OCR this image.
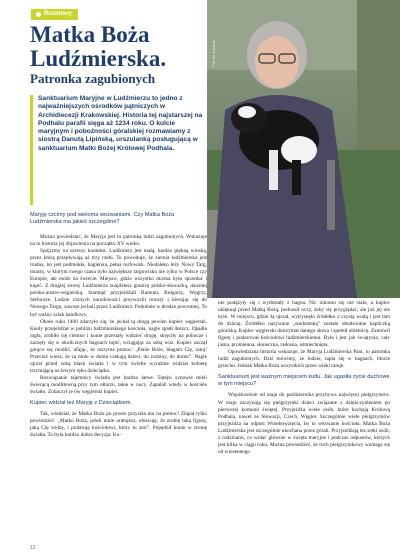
Rozmowy
Matka Boża Ludźmierska.
Patronka zagubionych

Sanktuarium Maryjne w Ludźmierzu to jedno z najważniejszych ośrodków pątniczych w Archidiecezji Krakowskiej. Historia tej najstarszej na Podhalu parafii sięga aż 1234 roku. O kulcie maryjnym i pobożności góralskiej rozmawiamy z siostrą Danutą Lipińską, urszulanką posługującą w sanktuarium Matki Bożej Królowej Podhala.

Fot. M. Łabędź

Maryję czcimy pod wieloma wezwaniami. Czy Matka Boża Ludźmierska ma jakieś szczególne?

Można powiedzieć, że Maryja jest tu patronką ludzi zagubionych. Wskazuje na to historia jej objawienia na początku XV wieku.

Spójrzmy na szerszy kontekst. Ludźmierz jest małą, bardzo piękną wioską, przez którą przepływają aż trzy rzeki. To powoduje, że ziemia ludźmierska jest trudna, bo jest podmokła, bagienna, pełna torfowisk. Niedaleko leży Nowy Targ, miasto, w którym swego czasu było największe targowisko nie tylko w Polsce czy Europie, ale może na świecie. Miejsce, gdzie wszystko można było sprzedać i kupić. Z drugiej strony Ludźmierza znajdziesz granicę polsko-słowacką, dawniej polsko-austro-węgierską. Stamtąd przyjeżdżali Rumuni, Bułgarzy, Węgrzy, Serbowie. Ludzie różnych narodowości przywozili towary i kierując się do Nowego Targu, zawsze jechali przez Ludźmierz. Podobnie w drodze powrotnej. To był ważny szlak handlowy.

Około roku 1400 zdarzyło się, że jechał tą drogą pewien kupiec węgierski. Kiedy przejeżdżał w pobliżu ludźmierskiego kościoła, nagle spadł deszcz. Opadła mgła, zrobiło się ciemno i konie przestały widzieć drogę, skręciły na pobocze i zaczęły się w okolicznych bagnach topić, wciągając za sobą wóz. Kupiec zaczął gorąco się modlić, ufając, że otrzyma pomoc: „Panie Boże, błagam Cię, ratuj! Przecież wiesz, że za mnie w domu czekają dzieci, do rodziny, do domu”. Nagle ujrzał przed sobą blask światła i w tym świetle wyraźnie widział kobietę trzymającą na lewym ręku dzieciątko.

Rozwiązanie tajemnicy światła jest bardzo łatwe. Tutejsi synowie mieli świecącą modlitewną przy tym ołtarzu, takie w nocy. Zapalali wtedy w kościele światło. Zobaczył je ów węgierski kupiec.

Kupiec widział też Maryję z Dzieciątkiem.

Tak, wiedział, że Matka Boża po prostu przyszła mu na pomoc! Złapał tylko powiedzieć: „Matko Boża, jeżeli mnie uratujesz, obiecuję, że zrobię taką figurę, jaką Cię widzę, i podaruję kościołowi, który tu stoi”. Popędził konie w stronę światła. To była bardzo dobra decyzja. Ko-

nie podążyły się i wydostały z bagna. Nic nikomu się nie stało, a kupiec uklęknął przed Matką Bożą, podnosił oczy, żeby się przyglądać, ale już jej nie było. W miejscu, gdzie Ją ujrzał, wytrysnęło źródełko z czystą wodą i jest tam do dzisiaj. Źródełko nazywane „studzienką” zostało obudowane kapliczką góralską. Kupiec węgierski dotrzymał danego słowa i spełnił obietnicę. Zamówił figurę i podarował kościołowi ludźmierskiemu. Była i jest jak świątynia, cały jasna, promienna, słoneczna, radosna, uśmiechnięta.

Opowiedziana historia wskazuje, że Maryja Ludźmierska Pani, to patronka ludzi zagubionych. Dziś mówimy, że ludzie, tapla się w bagnach, błocie grzechu. Jednak Matka Boża wszystkich przez wieki ratuje.

Sanktuarium jest ważnym miejscem kultu. Jak ugasiła życie duchowe w tym miejscu?

Współcześnie od maja do października przybywa najwięcej pielgrzymów. W maju zaczynają się pielgrzymki dzieci związane z dziękczynieniem po pierwszej komunii świętej. Przyjeżdża wiele osób, które kochają Królową Podhala, nawet ze Słowacji, Czech, Węgier. Szczególnie wiele pielgrzymów przyjeżdża na odpust Wniebowzięcia, bo to wezwanie kościoła. Matka Boża Ludźmierska jest szczególnie ukochana przez górali. Przyjeżdżają tez setki osób, z rodzinami, co widać głównie w święta maryjne i podczas odpustów, których jest kilka w ciągu roku. Można powiedzieć, że ruch pielgrzymkowy wzmaga się od wiosennego

12
